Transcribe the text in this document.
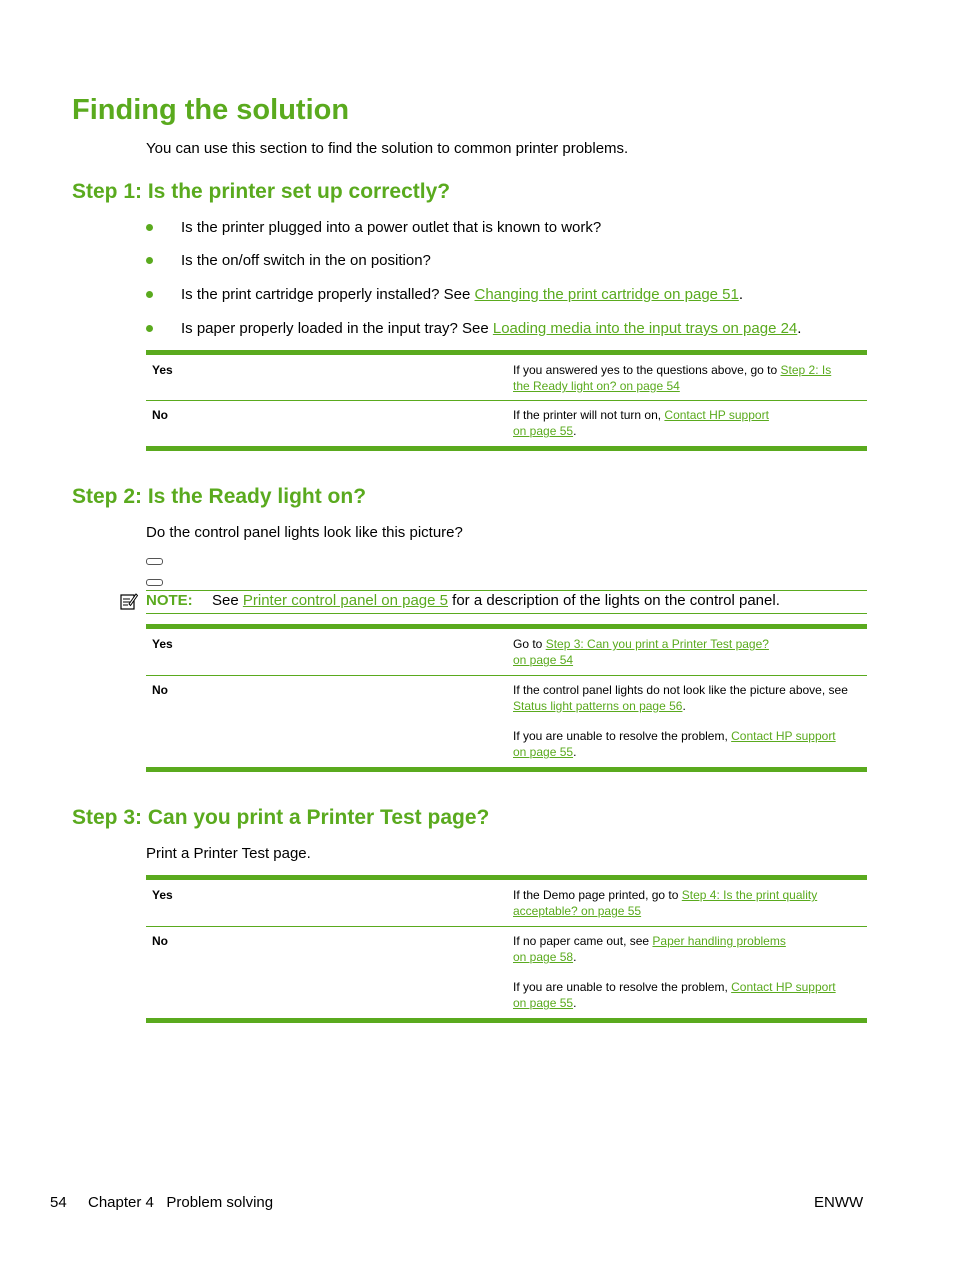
Finding the solution
You can use this section to find the solution to common printer problems.
Step 1: Is the printer set up correctly?
Is the printer plugged into a power outlet that is known to work?
Is the on/off switch in the on position?
Is the print cartridge properly installed? See Changing the print cartridge on page 51.
Is paper properly loaded in the input tray? See Loading media into the input trays on page 24.
Yes	If you answered yes to the questions above, go to Step 2: Is
the Ready light on? on page 54
No	If the printer will not turn on, Contact HP support
on page 55.
Step 2: Is the Ready light on?
Do the control panel lights look like this picture?
NOTE: See Printer control panel on page 5 for a description of the lights on the control panel.
Yes	Go to Step 3: Can you print a Printer Test page?
on page 54
No	If the control panel lights do not look like the picture above, see
Status light patterns on page 56.
If you are unable to resolve the problem, Contact HP support
on page 55.
Step 3: Can you print a Printer Test page?
Print a Printer Test page.
Yes	If the Demo page printed, go to Step 4: Is the print quality
acceptable? on page 55
No	If no paper came out, see Paper handling problems
on page 58.
If you are unable to resolve the problem, Contact HP support
on page 55.
54 Chapter 4   Problem solving	ENWW
